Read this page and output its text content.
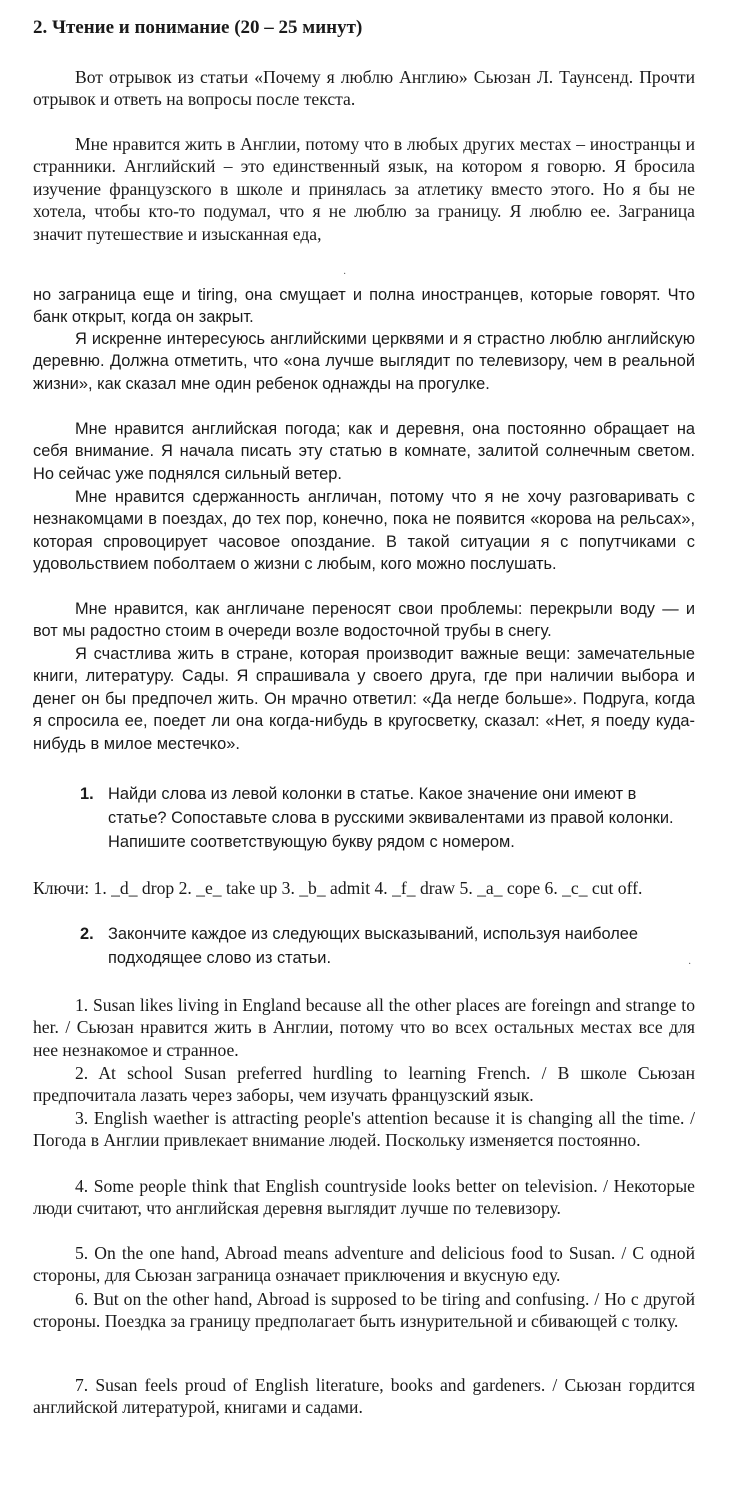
2. Чтение и понимание (20 – 25 минут)

Вот отрывок из статьи «Почему я люблю Англию» Сьюзан Л. Таунсенд. Прочти отрывок и ответь на вопросы после текста.

Мне нравится жить в Англии, потому что в любых других местах – иностранцы и странники. Английский – это единственный язык, на котором я говорю. Я бросила изучение французского в школе и принялась за атлетику вместо этого. Но я бы не хотела, чтобы кто-то подумал, что я не люблю за границу. Я люблю ее. Заграница значит путешествие и изысканная еда,

·

но заграница еще и tiring, она смущает и полна иностранцев, которые говорят. Что банк открыт, когда он закрыт.

Я искренне интересуюсь английскими церквями и я страстно люблю английскую деревню. Должна отметить, что «она лучше выглядит по телевизору, чем в реальной жизни», как сказал мне один ребенок однажды на прогулке.

Мне нравится английская погода; как и деревня, она постоянно обращает на себя внимание. Я начала писать эту статью в комнате, залитой солнечным светом. Но сейчас уже поднялся сильный ветер.

Мне нравится сдержанность англичан, потому что я не хочу разговаривать с незнакомцами в поездах, до тех пор, конечно, пока не появится «корова на рельсах», которая спровоцирует часовое опоздание. В такой ситуации я с попутчиками с удовольствием поболтаем о жизни с любым, кого можно послушать.

Мне нравится, как англичане переносят свои проблемы: перекрыли воду — и вот мы радостно стоим в очереди возле водосточной трубы в снегу.

Я счастлива жить в стране, которая производит важные вещи: замечательные книги, литературу. Сады. Я спрашивала у своего друга, где при наличии выбора и денег он бы предпочел жить. Он мрачно ответил: «Да негде больше». Подруга, когда я спросила ее, поедет ли она когда-нибудь в кругосветку, сказал: «Нет, я поеду куда-нибудь в милое местечко».

1. Найди слова из левой колонки в статье. Какое значение они имеют в статье? Сопоставьте слова в русскими эквивалентами из правой колонки. Напишите соответствующую букву рядом с номером.

Ключи: 1. _d_ drop 2. _e_ take up 3. _b_ admit 4. _f_ draw 5. _a_ cope 6. _c_ cut off.

2. Закончите каждое из следующих высказываний, используя наиболее подходящее слово из статьи.	·

1. Susan likes living in England because all the other places are foreingn and strange to her. / Сьюзан нравится жить в Англии, потому что во всех остальных местах все для нее незнакомое и странное.

2. At school Susan preferred hurdling to learning French. / В школе Сьюзан предпочитала лазать через заборы, чем изучать французский язык.

3. English waether is attracting people's attention because it is changing all the time. / Погода в Англии привлекает внимание людей. Поскольку изменяется постоянно.

4. Some people think that English countryside looks better on television. / Некоторые люди считают, что английская деревня выглядит лучше по телевизору.

5. On the one hand, Abroad means adventure and delicious food to Susan. / С одной стороны, для Сьюзан заграница означает приключения и вкусную еду.

6. But on the other hand, Abroad is supposed to be tiring and confusing. / Но с другой стороны. Поездка за границу предполагает быть изнурительной и сбивающей с толку.

7. Susan feels proud of English literature, books and gardeners. / Сьюзан гордится английской литературой, книгами и садами.
